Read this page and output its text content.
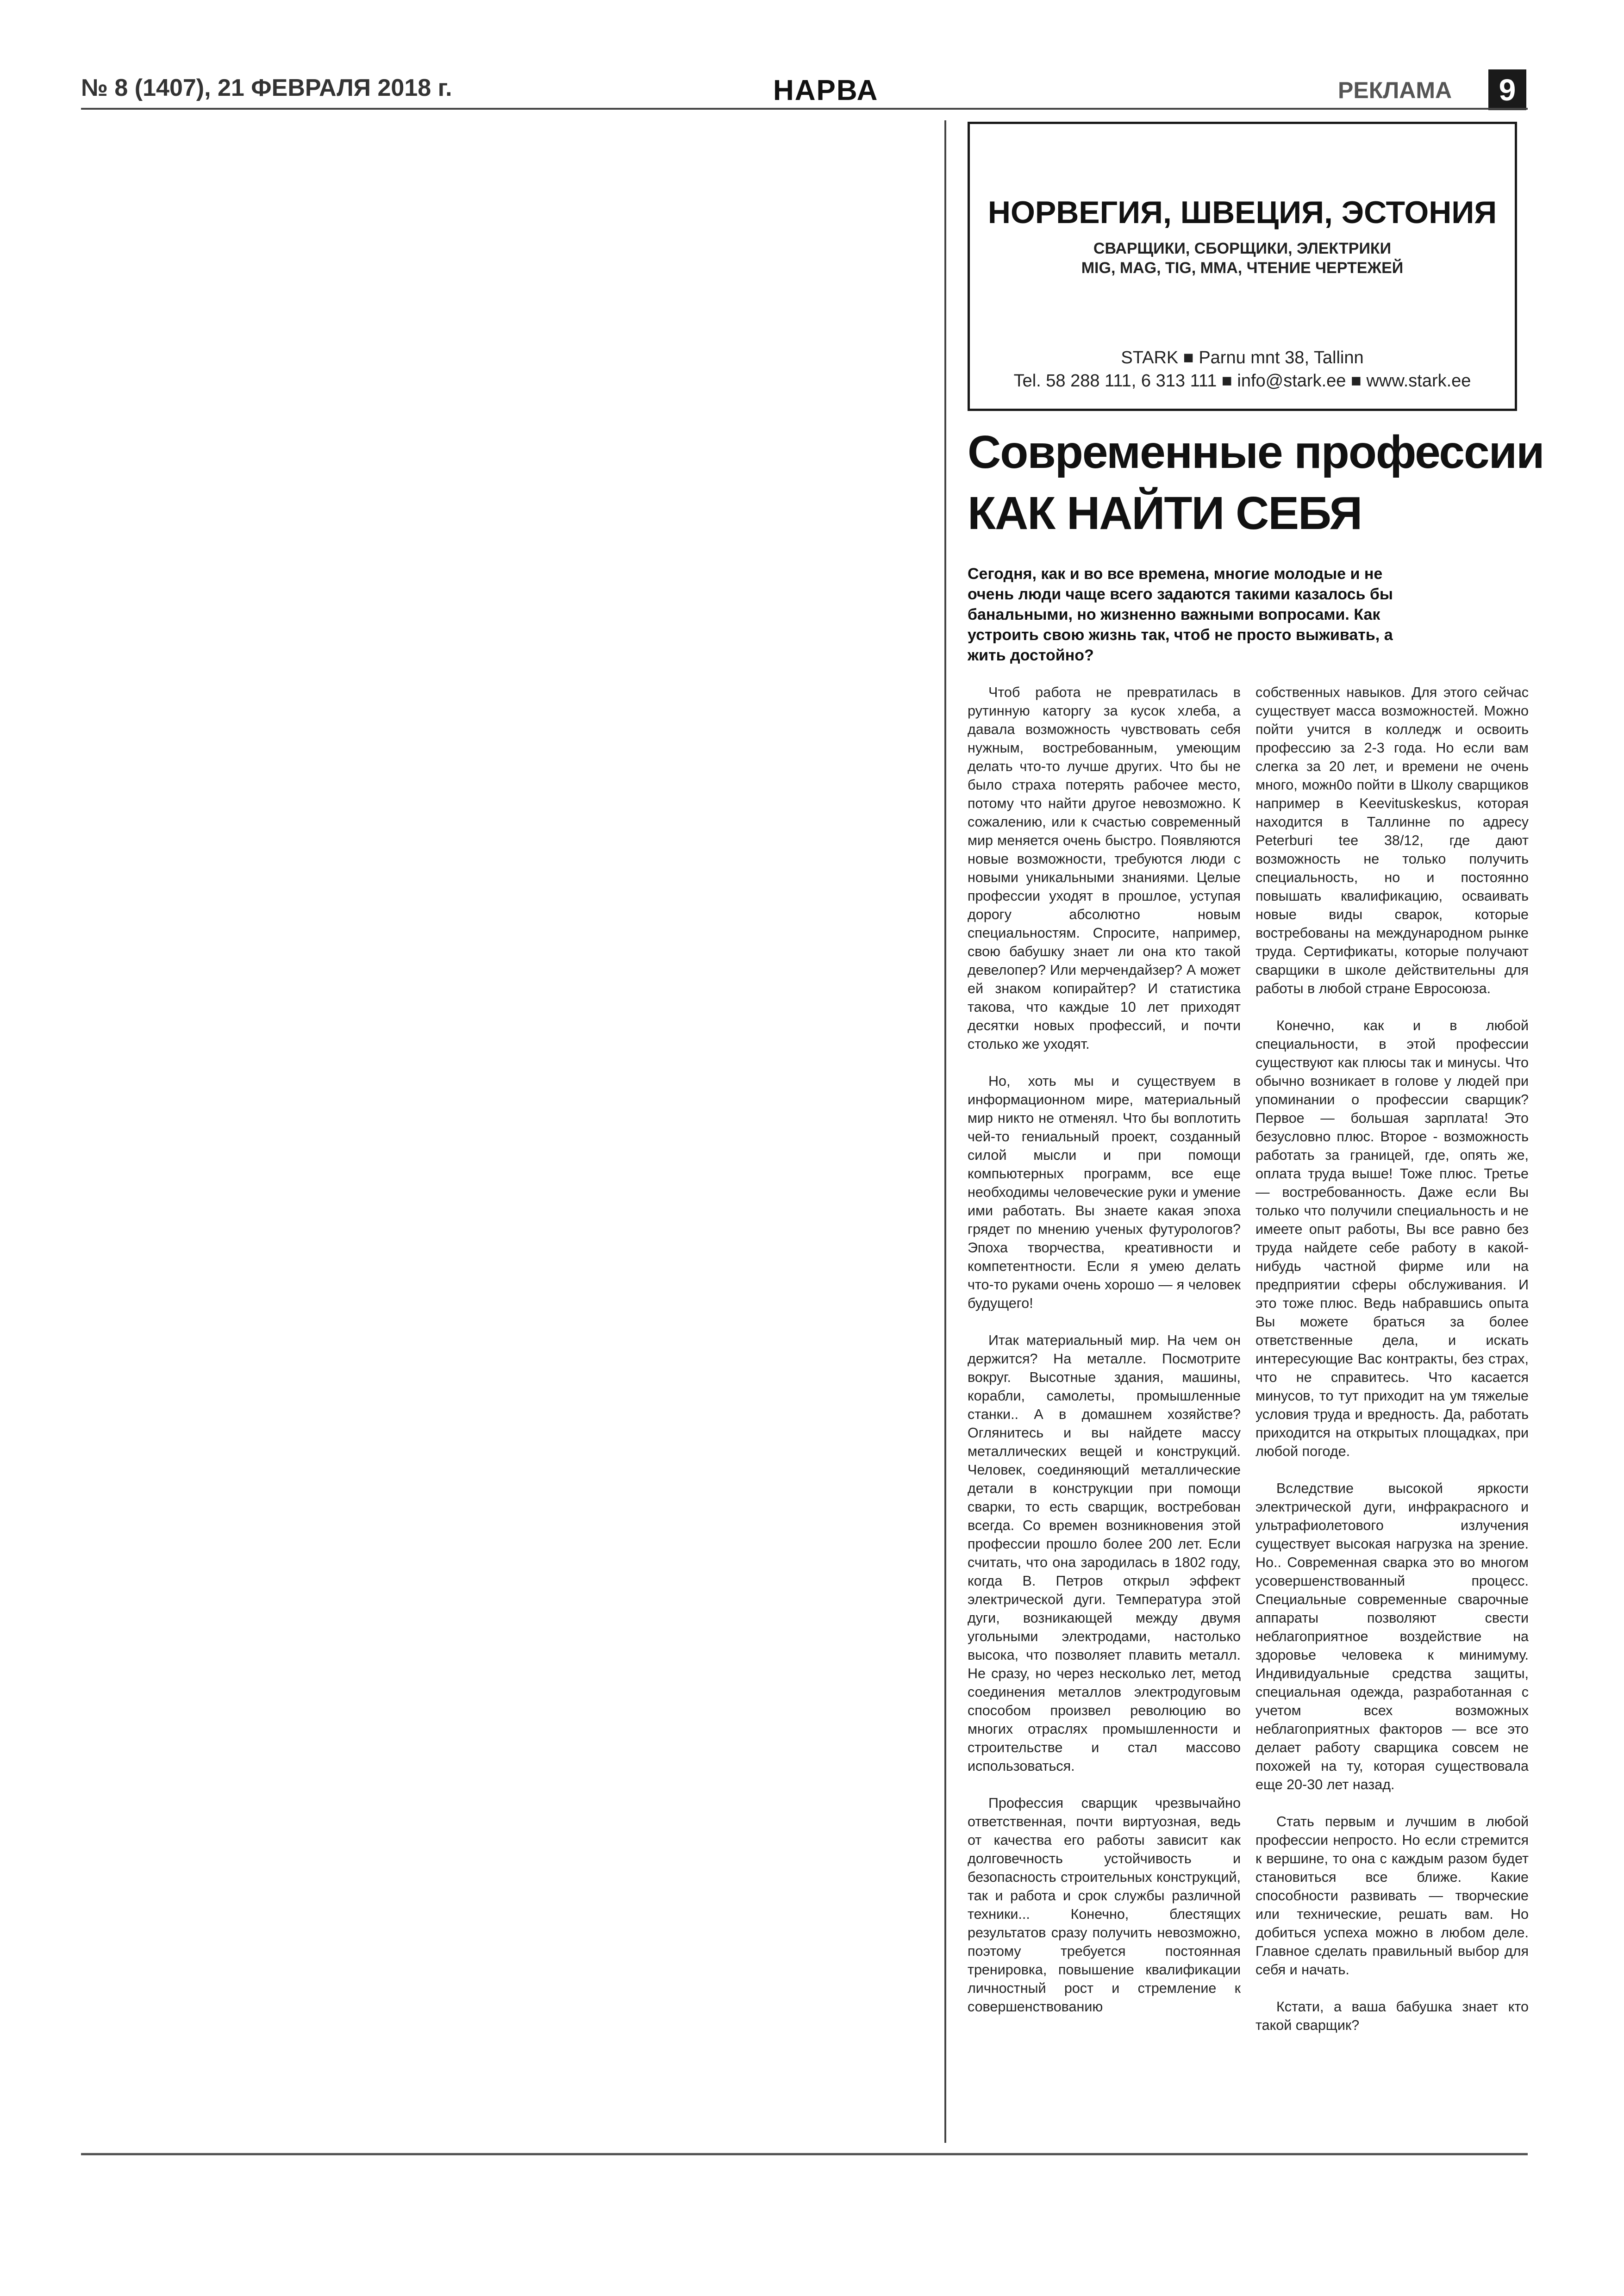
№ 8 (1407), 21 ФЕВРАЛЯ 2018 г.	НАРВА	РЕКЛАМА	9
НОРВЕГИЯ, ШВЕЦИЯ, ЭСТОНИЯ
СВАРЩИКИ, СБОРЩИКИ, ЭЛЕКТРИКИ
MIG, MAG, TIG, MMA, ЧТЕНИЕ ЧЕРТЕЖЕЙ
STARK ■ Parnu mnt 38, Tallinn
Tel. 58 288 111, 6 313 111 ■ info@stark.ee ■ www.stark.ee
Современные профессии
КАК НАЙТИ СЕБЯ
Сегодня, как и во все времена, многие молодые и не очень люди чаще всего задаются такими казалось бы банальными, но жизненно важными вопросами. Как устроить свою жизнь так, чтоб не просто выживать, а жить достойно?

Чтоб работа не превратилась в рутинную каторгу за кусок хлеба, а давала возможность чувствовать себя нужным, востребованным, умеющим делать что-то лучше других. Что бы не было страха потерять рабочее место, потому что найти другое невозможно. К сожалению, или к счастью современный мир меняется очень быстро. Появляются новые возможности, требуются люди с новыми уникальными знаниями. Целые профессии уходят в прошлое, уступая дорогу абсолютно новым специальностям. Спросите, например, свою бабушку знает ли она кто такой девелопер? Или мерчендайзер? А может ей знаком копирайтер? И статистика такова, что каждые 10 лет приходят десятки новых профессий, и почти столько же уходят.

Но, хоть мы и существуем в информационном мире, материальный мир никто не отменял. Что бы воплотить чей-то гениальный проект, созданный силой мысли и при помощи компьютерных программ, все еще необходимы человеческие руки и умение ими работать. Вы знаете какая эпоха грядет по мнению ученых футурологов? Эпоха творчества, креативности и компетентности. Если я умею делать что-то руками очень хорошо — я человек будущего!

Итак материальный мир. На чем он держится? На металле. Посмотрите вокруг. Высотные здания, машины, корабли, самолеты, промышленные станки.. А в домашнем хозяйстве? Оглянитесь и вы найдете массу металлических вещей и конструкций. Человек, соединяющий металлические детали в конструкции при помощи сварки, то есть сварщик, востребован всегда. Со времен возникновения этой профессии прошло более 200 лет. Если считать, что она зародилась в 1802 году, когда В. Петров открыл эффект электрической дуги. Температура этой дуги, возникающей между двумя угольными электродами, настолько высока, что позволяет плавить металл. Не сразу, но через несколько лет, метод соединения металлов электродуговым способом произвел революцию во многих отраслях промышленности и строительстве и стал массово использоваться.

Профессия сварщик чрезвычайно ответственная, почти виртуозная, ведь от качества его работы зависит как долговечность устойчивость и безопасность строительных конструкций, так и работа и срок службы различной техники... Конечно, блестящих результатов сразу получить невозможно, поэтому требуется постоянная тренировка, повышение квалификации личностный рост и стремление к совершенствованию

собственных навыков. Для этого сейчас существует масса возможностей. Можно пойти учится в колледж и освоить профессию за 2-3 года. Но если вам слегка за 20 лет, и времени не очень много, можн0о пойти в Школу сварщиков например в Keevituskeskus, которая находится в Таллинне по адресу Peterburi tee 38/12, где дают возможность не только получить специальность, но и постоянно повышать квалификацию, осваивать новые виды сварок, которые востребованы на международном рынке труда. Сертификаты, которые получают сварщики в школе действительны для работы в любой стране Евросоюза.

Конечно, как и в любой специальности, в этой профессии существуют как плюсы так и минусы. Что обычно возникает в голове у людей при упоминании о профессии сварщик? Первое — большая зарплата! Это безусловно плюс. Второе - возможность работать за границей, где, опять же, оплата труда выше! Тоже плюс. Третье — востребованность. Даже если Вы только что получили специальность и не имеете опыт работы, Вы все равно без труда найдете себе работу в какой-нибудь частной фирме или на предприятии сферы обслуживания. И это тоже плюс. Ведь набравшись опыта Вы можете браться за более ответственные дела, и искать интересующие Вас контракты, без страх, что не справитесь. Что касается минусов, то тут приходит на ум тяжелые условия труда и вредность. Да, работать приходится на открытых площадках, при любой погоде.

Вследствие высокой яркости электрической дуги, инфракрасного и ультрафиолетового излучения существует высокая нагрузка на зрение. Но.. Современная сварка это во многом усовершенствованный процесс. Специальные современные сварочные аппараты позволяют свести неблагоприятное воздействие на здоровье человека к минимуму. Индивидуальные средства защиты, специальная одежда, разработанная с учетом всех возможных неблагоприятных факторов — все это делает работу сварщика совсем не похожей на ту, которая существовала еще 20-30 лет назад.

Стать первым и лучшим в любой профессии непросто. Но если стремится к вершине, то она с каждым разом будет становиться все ближе. Какие способности развивать — творческие или технические, решать вам. Но добиться успеха можно в любом деле. Главное сделать правильный выбор для себя и начать.

Кстати, а ваша бабушка знает кто такой сварщик?
